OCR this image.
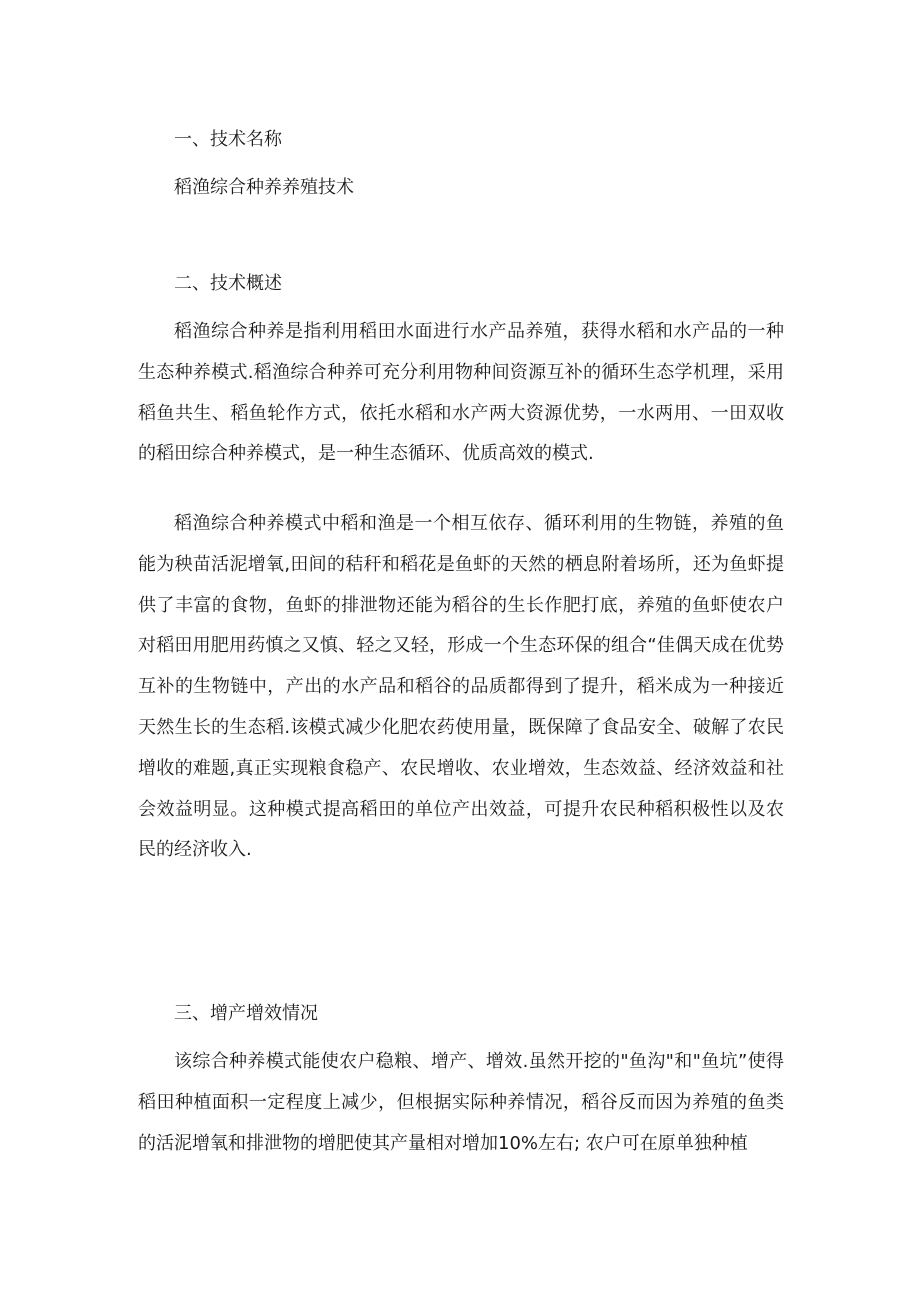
一、技术名称

稻渔综合种养养殖技术

二、技术概述

稻渔综合种养是指利用稻田水面进行水产品养殖，获得水稻和水产品的一种生态种养模式.稻渔综合种养可充分利用物种间资源互补的循环生态学机理，采用稻鱼共生、稻鱼轮作方式，依托水稻和水产两大资源优势，一水两用、一田双收的稻田综合种养模式，是一种生态循环、优质高效的模式.

稻渔综合种养模式中稻和渔是一个相互依存、循环利用的生物链，养殖的鱼能为秧苗活泥增氧,田间的秸秆和稻花是鱼虾的天然的栖息附着场所，还为鱼虾提供了丰富的食物，鱼虾的排泄物还能为稻谷的生长作肥打底，养殖的鱼虾使农户对稻田用肥用药慎之又慎、轻之又轻，形成一个生态环保的组合“佳偶天成在优势互补的生物链中，产出的水产品和稻谷的品质都得到了提升，稻米成为一种接近天然生长的生态稻.该模式减少化肥农药使用量，既保障了食品安全、破解了农民增收的难题,真正实现粮食稳产、农民增收、农业增效，生态效益、经济效益和社会效益明显。这种模式提高稻田的单位产出效益，可提升农民种稻积极性以及农民的经济收入.

三、增产增效情况

该综合种养模式能使农户稳粮、增产、增效.虽然开挖的"鱼沟"和"鱼坑”使得稻田种植面积一定程度上减少，但根据实际种养情况，稻谷反而因为养殖的鱼类的活泥增氧和排泄物的增肥使其产量相对增加10%左右; 农户可在原单独种植
